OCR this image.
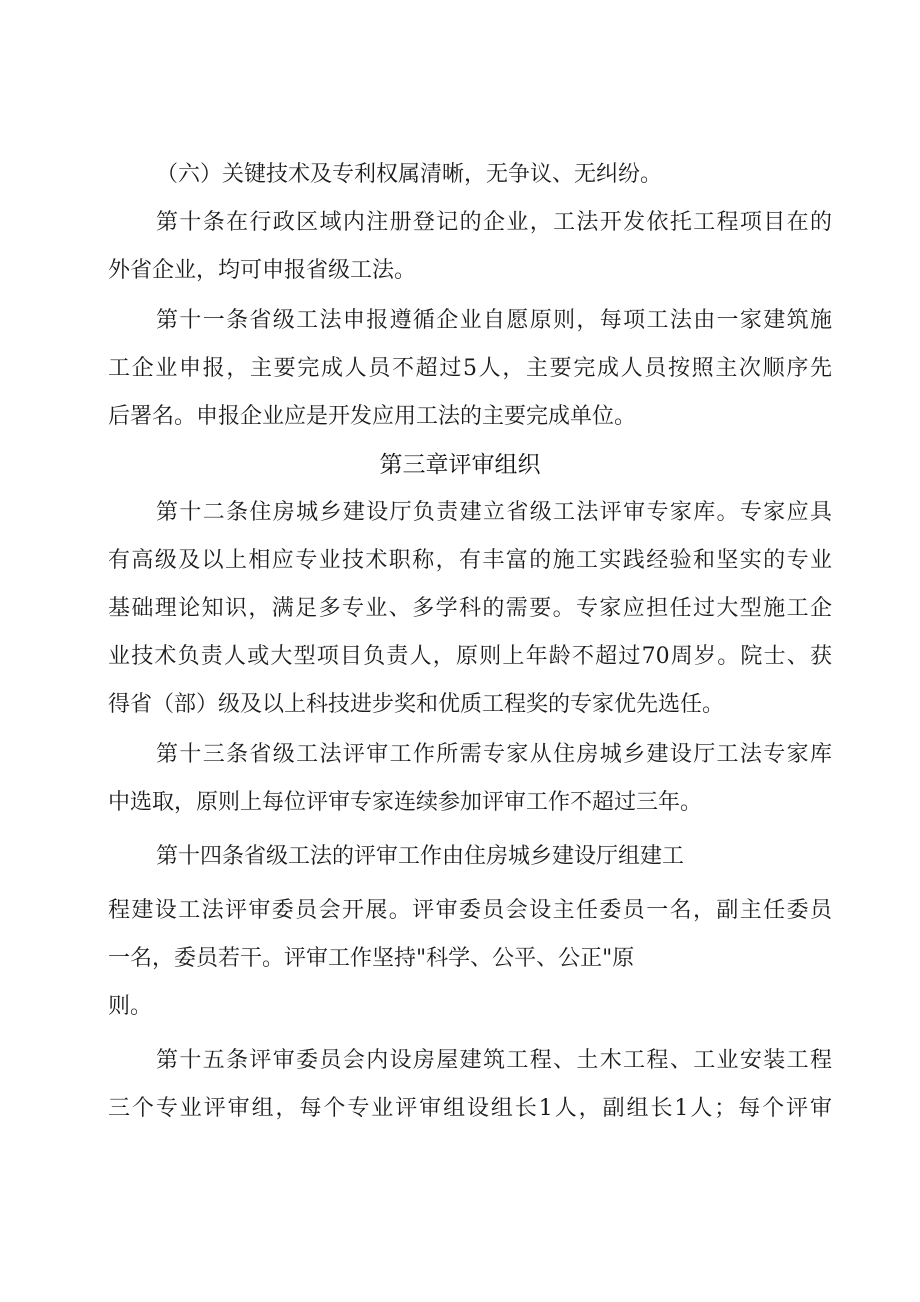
（六）关键技术及专利权属清晰，无争议、无纠纷。
第十条在行政区域内注册登记的企业，工法开发依托工程项目在的
外省企业，均可申报省级工法。
第十一条省级工法申报遵循企业自愿原则，每项工法由一家建筑施
工企业申报，主要完成人员不超过5人，主要完成人员按照主次顺序先
后署名。申报企业应是开发应用工法的主要完成单位。
第三章评审组织
第十二条住房城乡建设厅负责建立省级工法评审专家库。专家应具
有高级及以上相应专业技术职称，有丰富的施工实践经验和坚实的专业
基础理论知识，满足多专业、多学科的需要。专家应担任过大型施工企
业技术负责人或大型项目负责人，原则上年龄不超过70周岁。院士、获
得省（部）级及以上科技进步奖和优质工程奖的专家优先选任。
第十三条省级工法评审工作所需专家从住房城乡建设厅工法专家库
中选取，原则上每位评审专家连续参加评审工作不超过三年。
第十四条省级工法的评审工作由住房城乡建设厅组建工
程建设工法评审委员会开展。评审委员会设主任委员一名，副主任委员
一名，委员若干。评审工作坚持"科学、公平、公正"原
则。
第十五条评审委员会内设房屋建筑工程、土木工程、工业安装工程
三个专业评审组，每个专业评审组设组长1人，副组长1人；每个评审
